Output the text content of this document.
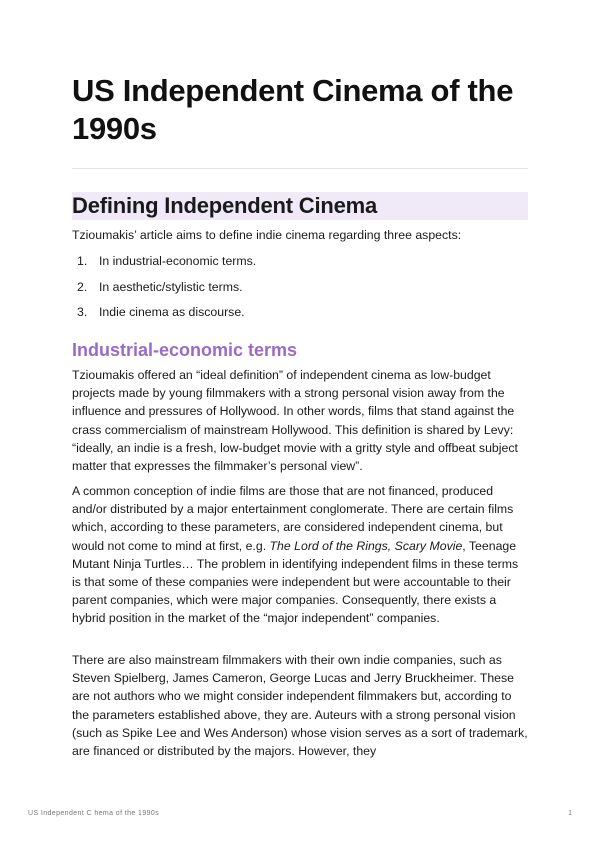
US Independent Cinema of the 1990s
Defining Independent Cinema

Tzioumakis’ article aims to define indie cinema regarding three aspects:

1. In industrial-economic terms.
2. In aesthetic/stylistic terms.
3. Indie cinema as discourse.
Industrial-economic terms

Tzioumakis offered an “ideal definition” of independent cinema as low-budget projects made by young filmmakers with a strong personal vision away from the influence and pressures of Hollywood. In other words, films that stand against the crass commercialism of mainstream Hollywood. This definition is shared by Levy: “ideally, an indie is a fresh, low-budget movie with a gritty style and offbeat subject matter that expresses the filmmaker’s personal view”.

A common conception of indie films are those that are not financed, produced and/or distributed by a major entertainment conglomerate. There are certain films which, according to these parameters, are considered independent cinema, but would not come to mind at first, e.g. The Lord of the Rings, Scary Movie, Teenage Mutant Ninja Turtles… The problem in identifying independent films in these terms is that some of these companies were independent but were accountable to their parent companies, which were major companies. Consequently, there exists a hybrid position in the market of the “major independent” companies.

There are also mainstream filmmakers with their own indie companies, such as Steven Spielberg, James Cameron, George Lucas and Jerry Bruckheimer. These are not authors who we might consider independent filmmakers but, according to the parameters established above, they are. Auteurs with a strong personal vision (such as Spike Lee and Wes Anderson) whose vision serves as a sort of trademark, are financed or distributed by the majors. However, they

US Independent C hema of the 1990s	1
